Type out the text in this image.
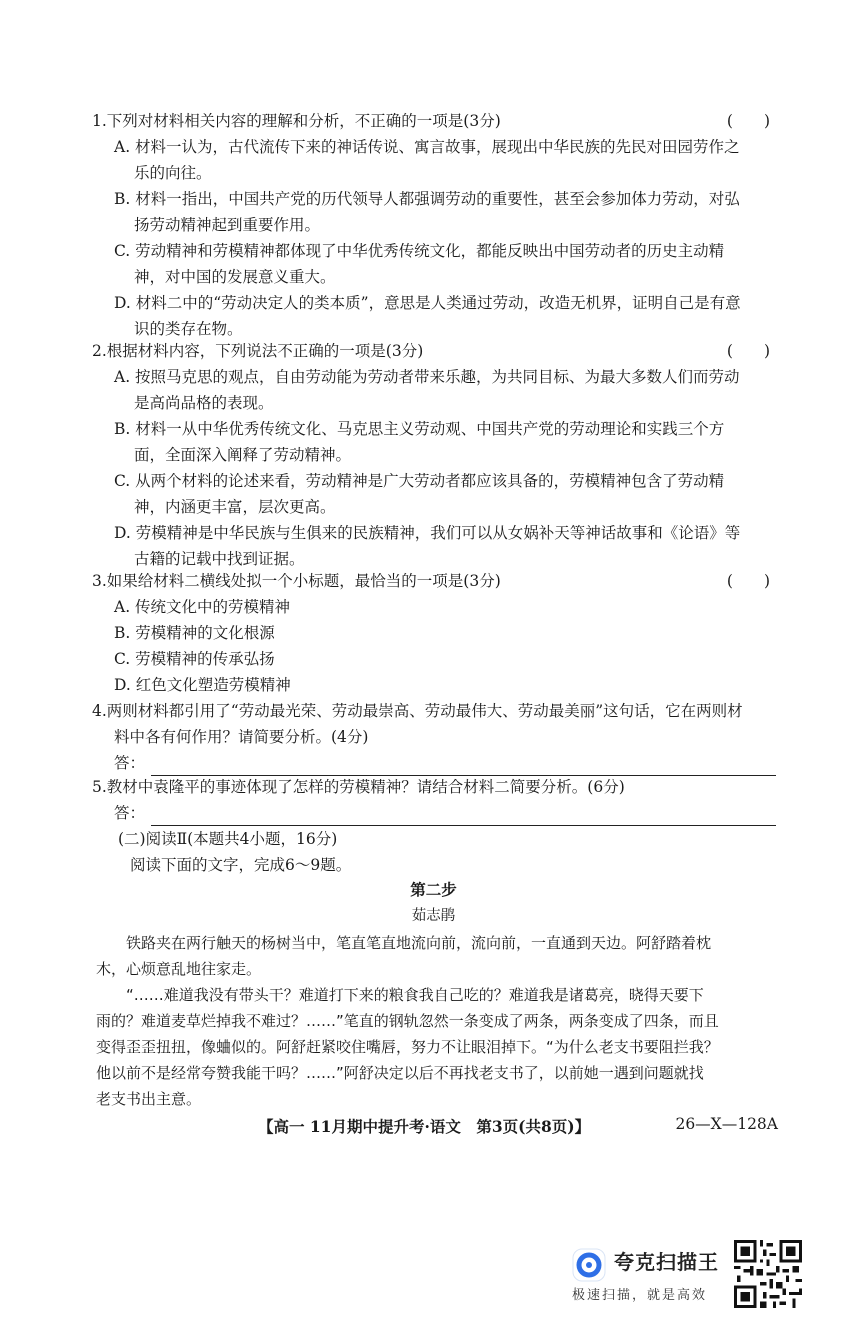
1.下列对材料相关内容的理解和分析，不正确的一项是(3分)	(　　)
A. 材料一认为，古代流传下来的神话传说、寓言故事，展现出中华民族的先民对田园劳作之
乐的向往。
B. 材料一指出，中国共产党的历代领导人都强调劳动的重要性，甚至会参加体力劳动，对弘
扬劳动精神起到重要作用。
C. 劳动精神和劳模精神都体现了中华优秀传统文化，都能反映出中国劳动者的历史主动精
神，对中国的发展意义重大。
D. 材料二中的“劳动决定人的类本质”，意思是人类通过劳动，改造无机界，证明自己是有意
识的类存在物。
2.根据材料内容，下列说法不正确的一项是(3分)	(　　)
A. 按照马克思的观点，自由劳动能为劳动者带来乐趣，为共同目标、为最大多数人们而劳动
是高尚品格的表现。
B. 材料一从中华优秀传统文化、马克思主义劳动观、中国共产党的劳动理论和实践三个方
面，全面深入阐释了劳动精神。
C. 从两个材料的论述来看，劳动精神是广大劳动者都应该具备的，劳模精神包含了劳动精
神，内涵更丰富，层次更高。
D. 劳模精神是中华民族与生俱来的民族精神，我们可以从女娲补天等神话故事和《论语》等
古籍的记载中找到证据。
3.如果给材料二横线处拟一个小标题，最恰当的一项是(3分)	(　　)
A. 传统文化中的劳模精神
B. 劳模精神的文化根源
C. 劳模精神的传承弘扬
D. 红色文化塑造劳模精神
4.两则材料都引用了“劳动最光荣、劳动最崇高、劳动最伟大、劳动最美丽”这句话，它在两则材
料中各有何作用？请简要分析。(4分)
答：
5.教材中袁隆平的事迹体现了怎样的劳模精神？请结合材料二简要分析。(6分)
答：
(二)阅读Ⅱ(本题共4小题，16分)
阅读下面的文字，完成6～9题。
第二步
茹志鹃

铁路夹在两行触天的杨树当中，笔直笔直地流向前，流向前，一直通到天边。阿舒踏着枕

木，心烦意乱地往家走。

“……难道我没有带头干？难道打下来的粮食我自己吃的？难道我是诸葛亮，晓得天要下

雨的？难道麦草烂掉我不难过？……”笔直的钢轨忽然一条变成了两条，两条变成了四条，而且
变得歪歪扭扭，像蛐似的。阿舒赶紧咬住嘴唇，努力不让眼泪掉下。“为什么老支书要阻拦我？
他以前不是经常夸赞我能干吗？……”阿舒决定以后不再找老支书了，以前她一遇到问题就找
老支书出主意。
【高一 11月期中提升考·语文　第3页(共8页)】	26—X—128A
夸克扫描王
极速扫描，就是高效
